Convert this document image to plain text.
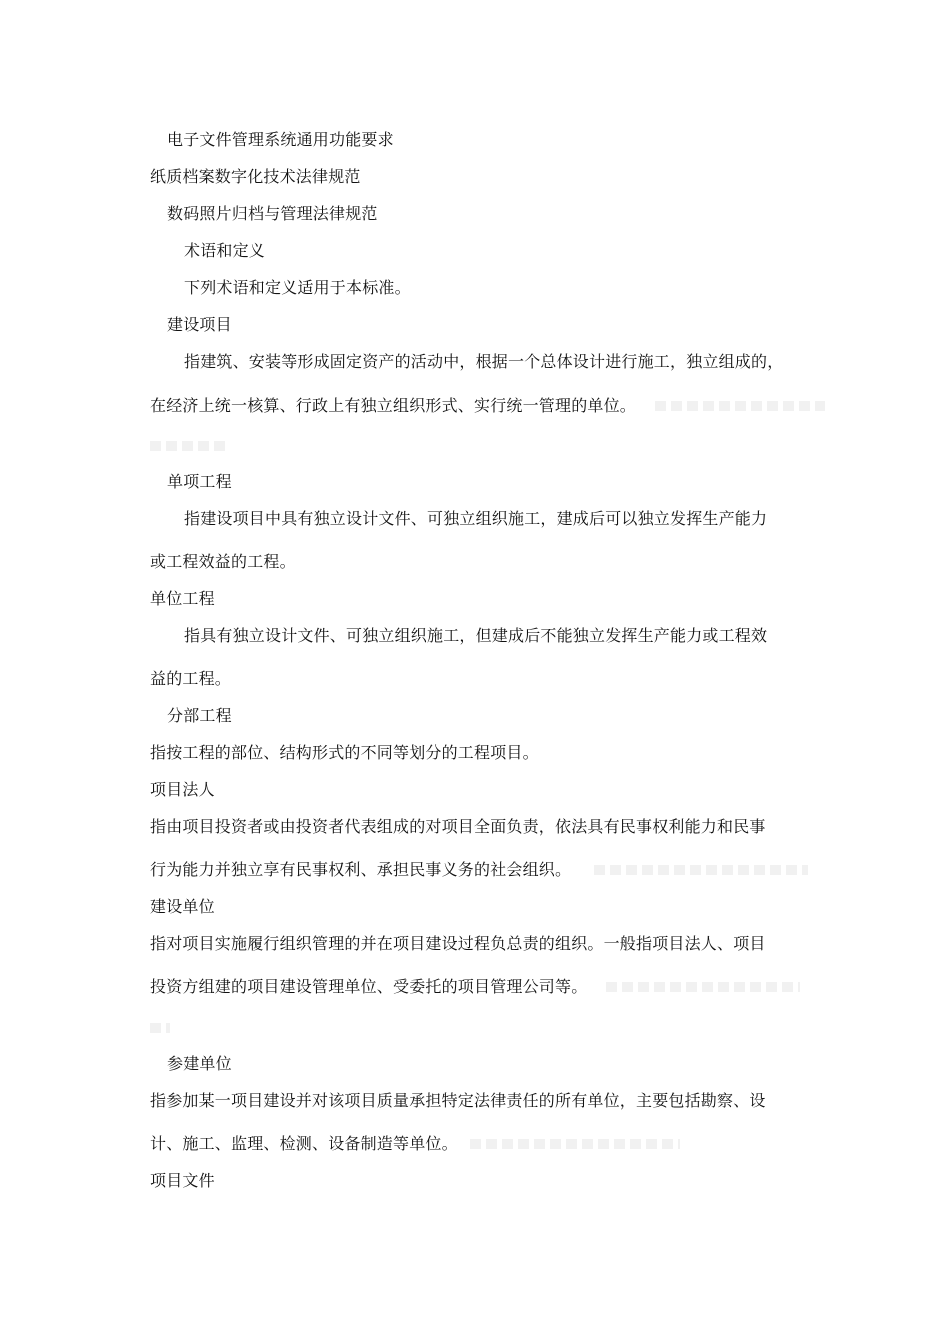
电子文件管理系统通用功能要求
纸质档案数字化技术法律规范
数码照片归档与管理法律规范
术语和定义
下列术语和定义适用于本标准。
建设项目
指建筑、安装等形成固定资产的活动中，根据一个总体设计进行施工，独立组成的，
在经济上统一核算、行政上有独立组织形式、实行统一管理的单位。
单项工程
指建设项目中具有独立设计文件、可独立组织施工，建成后可以独立发挥生产能力
或工程效益的工程。
单位工程
指具有独立设计文件、可独立组织施工，但建成后不能独立发挥生产能力或工程效
益的工程。
分部工程
指按工程的部位、结构形式的不同等划分的工程项目。
项目法人
指由项目投资者或由投资者代表组成的对项目全面负责，依法具有民事权利能力和民事
行为能力并独立享有民事权利、承担民事义务的社会组织。
建设单位
指对项目实施履行组织管理的并在项目建设过程负总责的组织。一般指项目法人、项目
投资方组建的项目建设管理单位、受委托的项目管理公司等。
参建单位
指参加某一项目建设并对该项目质量承担特定法律责任的所有单位，主要包括勘察、设
计、施工、监理、检测、设备制造等单位。
项目文件
